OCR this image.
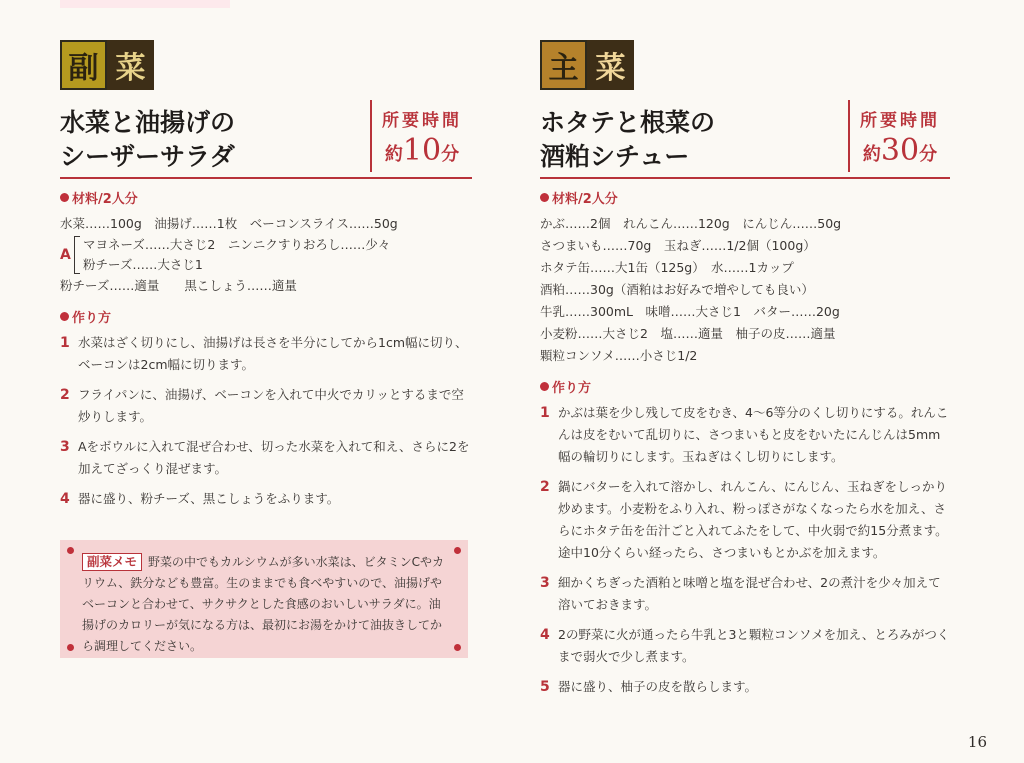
副 菜
水菜と油揚げの
シーザーサラダ
所要時間
約10分
材料/2人分
水菜……100g　油揚げ……1枚　ベーコンスライス……50g
A
マヨネーズ……大さじ2　ニンニクすりおろし……少々
粉チーズ……大さじ1
粉チーズ……適量　　黒こしょう……適量
作り方
1 水菜はざく切りにし、油揚げは長さを半分にしてから1cm幅に切り、ベーコンは2cm幅に切ります。
2 フライパンに、油揚げ、ベーコンを入れて中火でカリッとするまで空炒りします。
3 Aをボウルに入れて混ぜ合わせ、切った水菜を入れて和え、さらに2を加えてざっくり混ぜます。
4 器に盛り、粉チーズ、黒こしょうをふります。
副菜メモ 野菜の中でもカルシウムが多い水菜は、ビタミンCやカリウム、鉄分なども豊富。生のままでも食べやすいので、油揚げやベーコンと合わせて、サクサクとした食感のおいしいサラダに。油揚げのカロリーが気になる方は、最初にお湯をかけて油抜きしてから調理してください。
主 菜
ホタテと根菜の
酒粕シチュー
所要時間
約30分
材料/2人分
かぶ……2個　れんこん……120g　にんじん……50g
さつまいも……70g　玉ねぎ……1/2個（100g）
ホタテ缶……大1缶（125g）　水……1カップ
酒粕……30g（酒粕はお好みで増やしても良い）
牛乳……300mL　味噌……大さじ1　バター……20g
小麦粉……大さじ2　塩……適量　柚子の皮……適量
顆粒コンソメ……小さじ1/2
作り方
1 かぶは葉を少し残して皮をむき、4〜6等分のくし切りにする。れんこんは皮をむいて乱切りに、さつまいもと皮をむいたにんじんは5mm幅の輪切りにします。玉ねぎはくし切りにします。
2 鍋にバターを入れて溶かし、れんこん、にんじん、玉ねぎをしっかり炒めます。小麦粉をふり入れ、粉っぽさがなくなったら水を加え、さらにホタテ缶を缶汁ごと入れてふたをして、中火弱で約15分煮ます。途中10分くらい経ったら、さつまいもとかぶを加えます。
3 細かくちぎった酒粕と味噌と塩を混ぜ合わせ、2の煮汁を少々加えて溶いておきます。
4 2の野菜に火が通ったら牛乳と3と顆粒コンソメを加え、とろみがつくまで弱火で少し煮ます。
5 器に盛り、柚子の皮を散らします。
16
